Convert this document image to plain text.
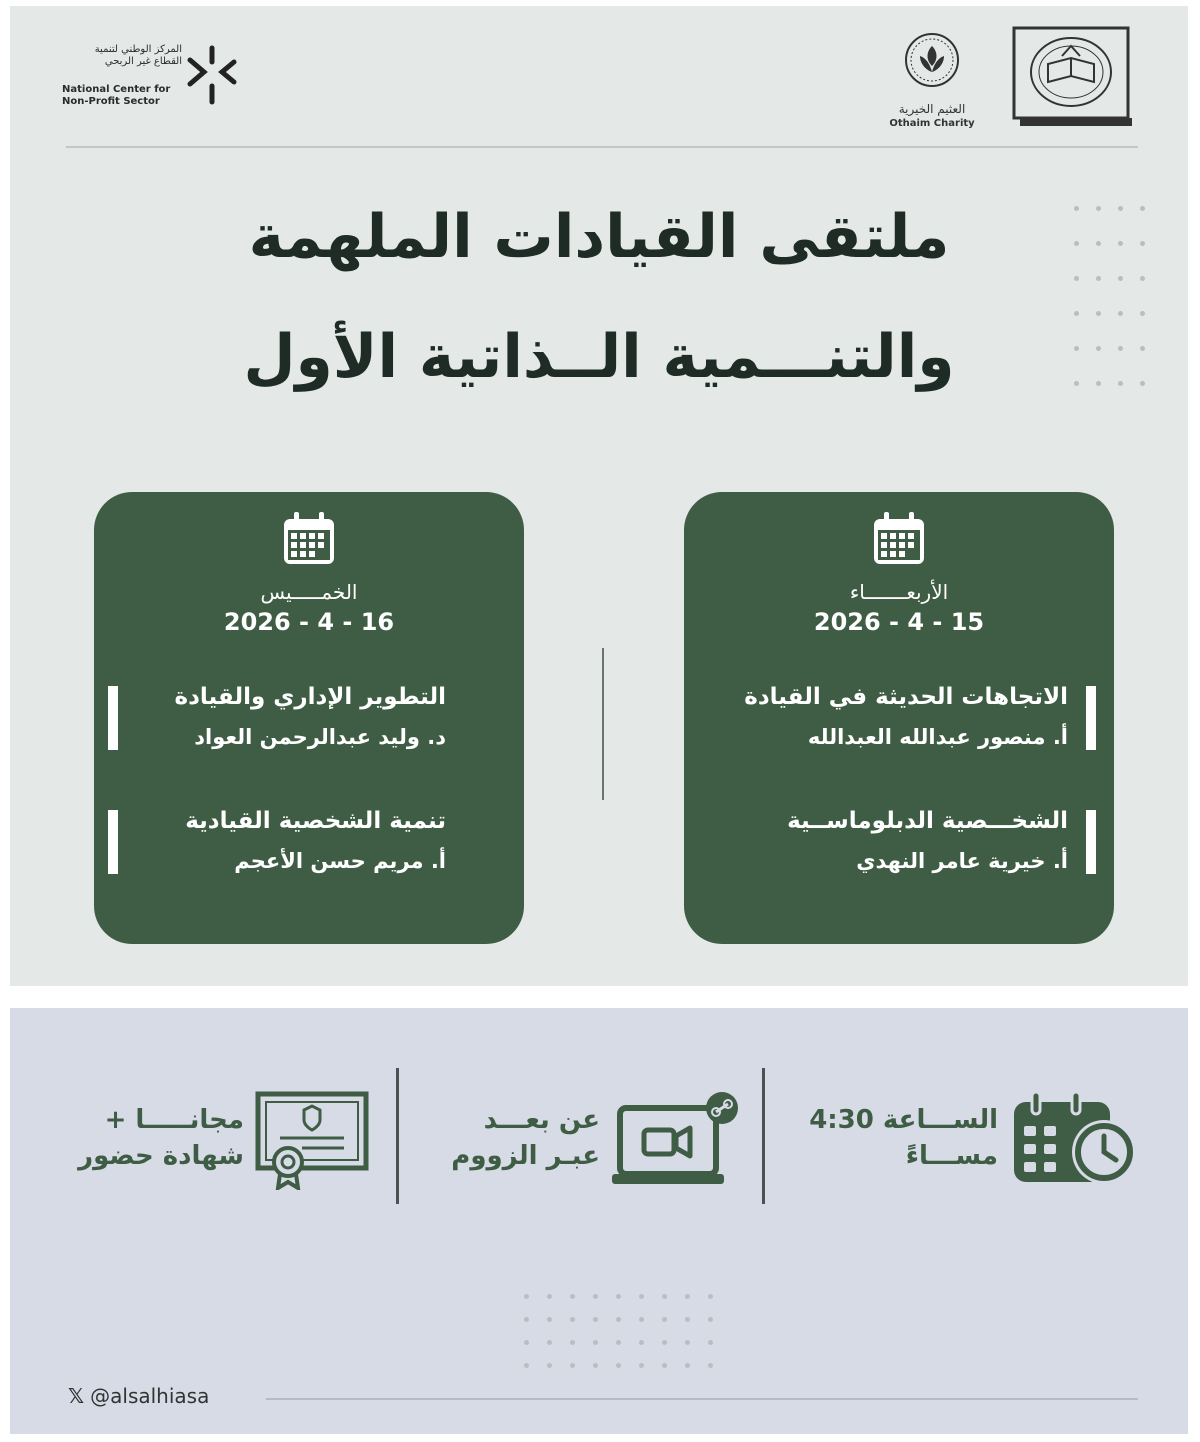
المركز الوطني لتنمية
القطاع غير الربحي
National Center for
Non-Profit Sector
العثيم الخيرية
Othaim Charity
ملتقى القيادات الملهمة
والتنـــمية الــذاتية الأول
الأربعـــــــاء
2026 - 4 - 15
الاتجاهات الحديثة في القيادة
أ. منصور عبدالله العبدالله
الشخـــصية الدبلوماســية
أ. خيرية عامر النهدي
الخمـــــيس
2026 - 4 - 16
التطوير الإداري والقيادة
د. وليد عبدالرحمن العواد
تنمية الشخصية القيادية
أ. مريم حسن الأعجم
الســـاعة 4:30
مســـاءً
عن بعـــد
عبـر الزووم
مجانـــــا +
شهادة حضور
𝕏 @alsalhiasa
